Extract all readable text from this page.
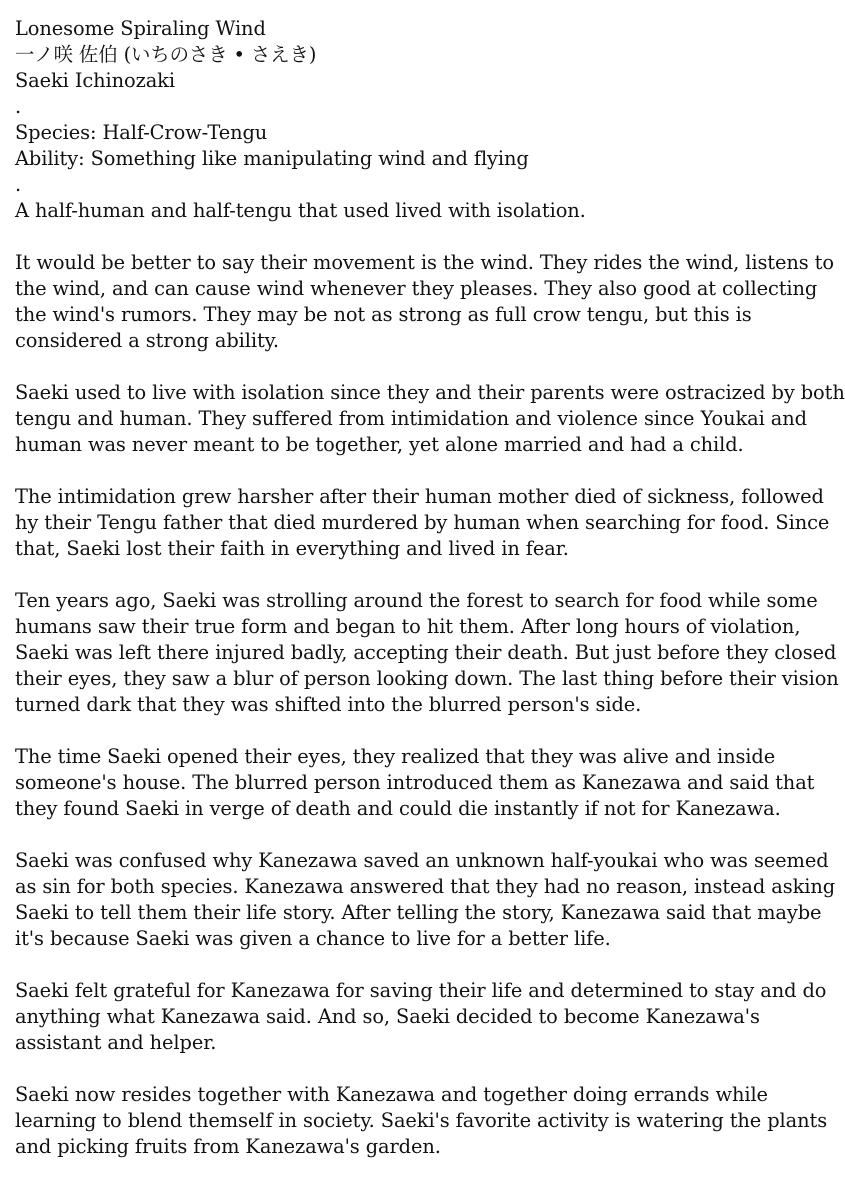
Lonesome Spiraling Wind
一ノ咲 佐伯 (いちのさき • さえき)
Saeki Ichinozaki
.
Species: Half-Crow-Tengu
Ability: Something like manipulating wind and flying
.
A half-human and half-tengu that used lived with isolation.
It would be better to say their movement is the wind. They rides the wind, listens to
the wind, and can cause wind whenever they pleases. They also good at collecting
the wind's rumors. They may be not as strong as full crow tengu, but this is
considered a strong ability.
Saeki used to live with isolation since they and their parents were ostracized by both
tengu and human. They suffered from intimidation and violence since Youkai and
human was never meant to be together, yet alone married and had a child.
The intimidation grew harsher after their human mother died of sickness, followed
hy their Tengu father that died murdered by human when searching for food. Since
that, Saeki lost their faith in everything and lived in fear.
Ten years ago, Saeki was strolling around the forest to search for food while some
humans saw their true form and began to hit them. After long hours of violation,
Saeki was left there injured badly, accepting their death. But just before they closed
their eyes, they saw a blur of person looking down. The last thing before their vision
turned dark that they was shifted into the blurred person's side.
The time Saeki opened their eyes, they realized that they was alive and inside
someone's house. The blurred person introduced them as Kanezawa and said that
they found Saeki in verge of death and could die instantly if not for Kanezawa.
Saeki was confused why Kanezawa saved an unknown half-youkai who was seemed
as sin for both species. Kanezawa answered that they had no reason, instead asking
Saeki to tell them their life story. After telling the story, Kanezawa said that maybe
it's because Saeki was given a chance to live for a better life.
Saeki felt grateful for Kanezawa for saving their life and determined to stay and do
anything what Kanezawa said. And so, Saeki decided to become Kanezawa's
assistant and helper.
Saeki now resides together with Kanezawa and together doing errands while
learning to blend themself in society. Saeki's favorite activity is watering the plants
and picking fruits from Kanezawa's garden.
